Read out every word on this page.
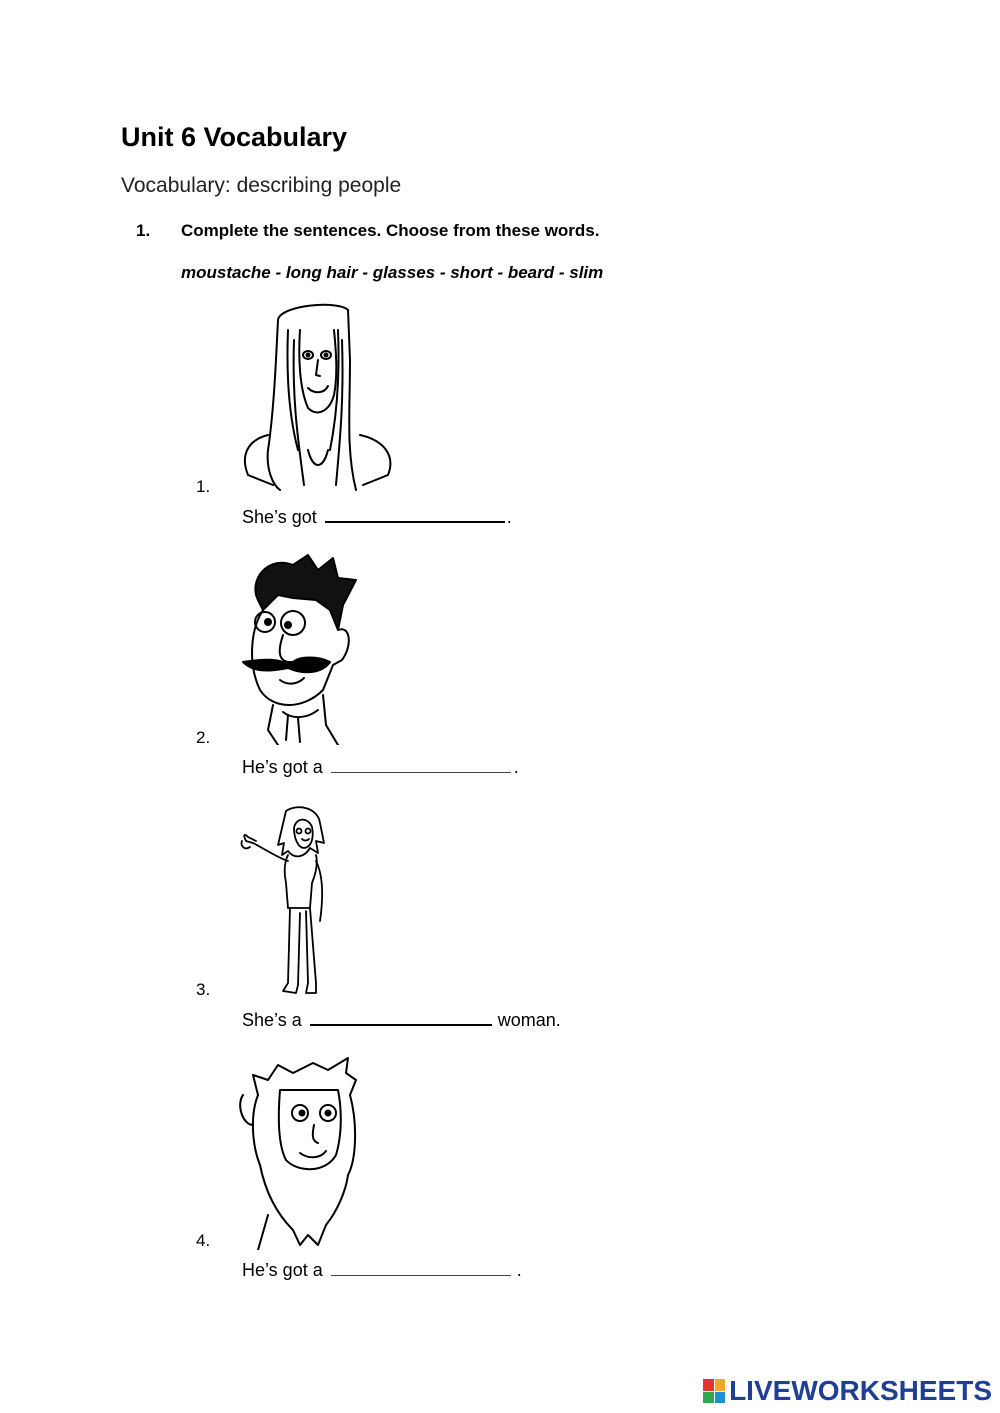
Unit 6 Vocabulary
Vocabulary: describing people
1. Complete the sentences. Choose from these words.
moustache - long hair - glasses - short - beard - slim
1.
She’s got	.
2.
He’s got a	.
3.
She’s a	woman.
4.
He’s got a	.
LIVEWORKSHEETS
